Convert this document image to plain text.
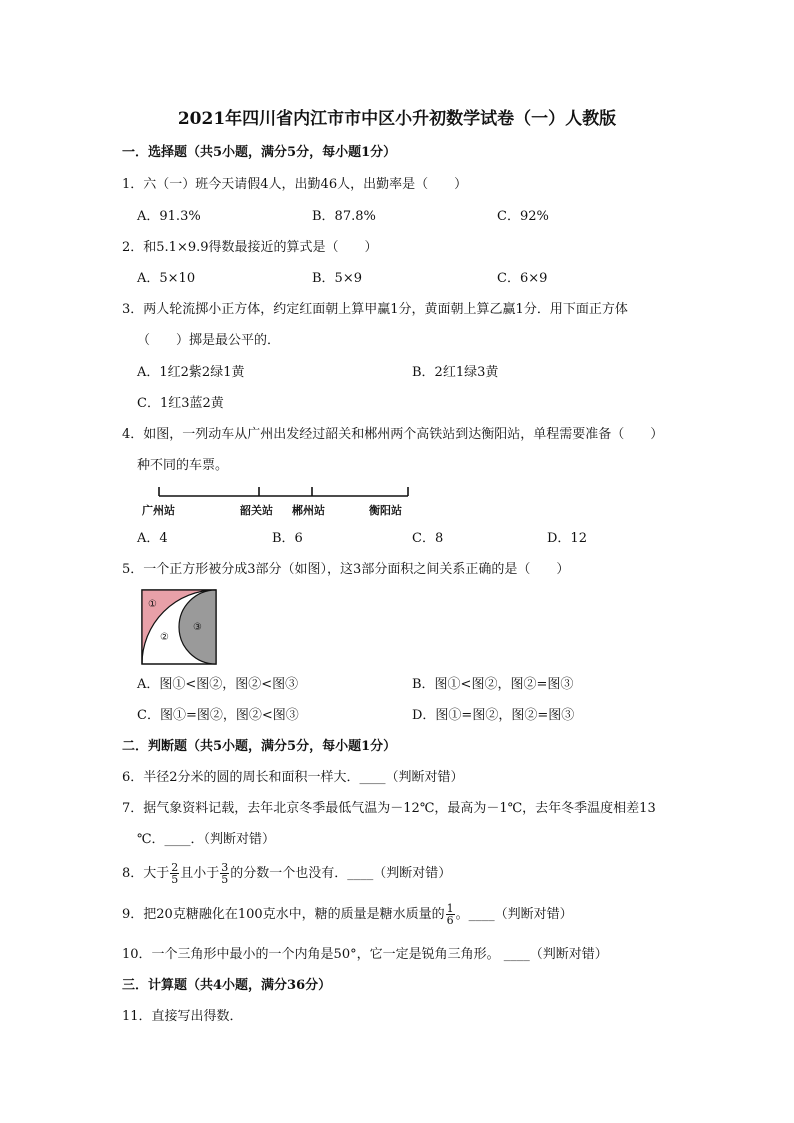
2021年四川省内江市市中区小升初数学试卷（一）人教版
一．选择题（共5小题，满分5分，每小题1分）
1．六（一）班今天请假4人，出勤46人，出勤率是（　　）
A．91.3%	B．87.8%	C．92%
2．和5.1×9.9得数最接近的算式是（　　）
A．5×10	B．5×9	C．6×9
3．两人轮流掷小正方体，约定红面朝上算甲赢1分，黄面朝上算乙赢1分．用下面正方体
（　　）掷是最公平的．
A．1红2紫2绿1黄	B．2红1绿3黄
C．1红3蓝2黄
4．如图，一列动车从广州出发经过韶关和郴州两个高铁站到达衡阳站，单程需要准备（　　）
种不同的车票。
广州站	韶关站 郴州站	衡阳站
A．4	B．6	C．8	D．12
5．一个正方形被分成3部分（如图），这3部分面积之间关系正确的是（　　）
①
②
③
A．图①<图②，图②<图③	B．图①<图②，图②=图③
C．图①=图②，图②<图③	D．图①=图②，图②=图③
二．判断题（共5小题，满分5分，每小题1分）
6．半径2分米的圆的周长和面积一样大．____（判断对错）
7．据气象资料记载，去年北京冬季最低气温为－12℃，最高为－1℃，去年冬季温度相差13
℃．____．（判断对错）
8．大于 $\frac{2}{5}$ 且小于 $\frac{3}{5}$ 的分数一个也没有．____（判断对错）
9．把20克糖融化在100克水中，糖的质量是糖水质量的 $\frac{1}{6}$ 。____（判断对错）
10．一个三角形中最小的一个内角是50°，它一定是锐角三角形。 ____（判断对错）
三．计算题（共4小题，满分36分）
11．直接写出得数．
